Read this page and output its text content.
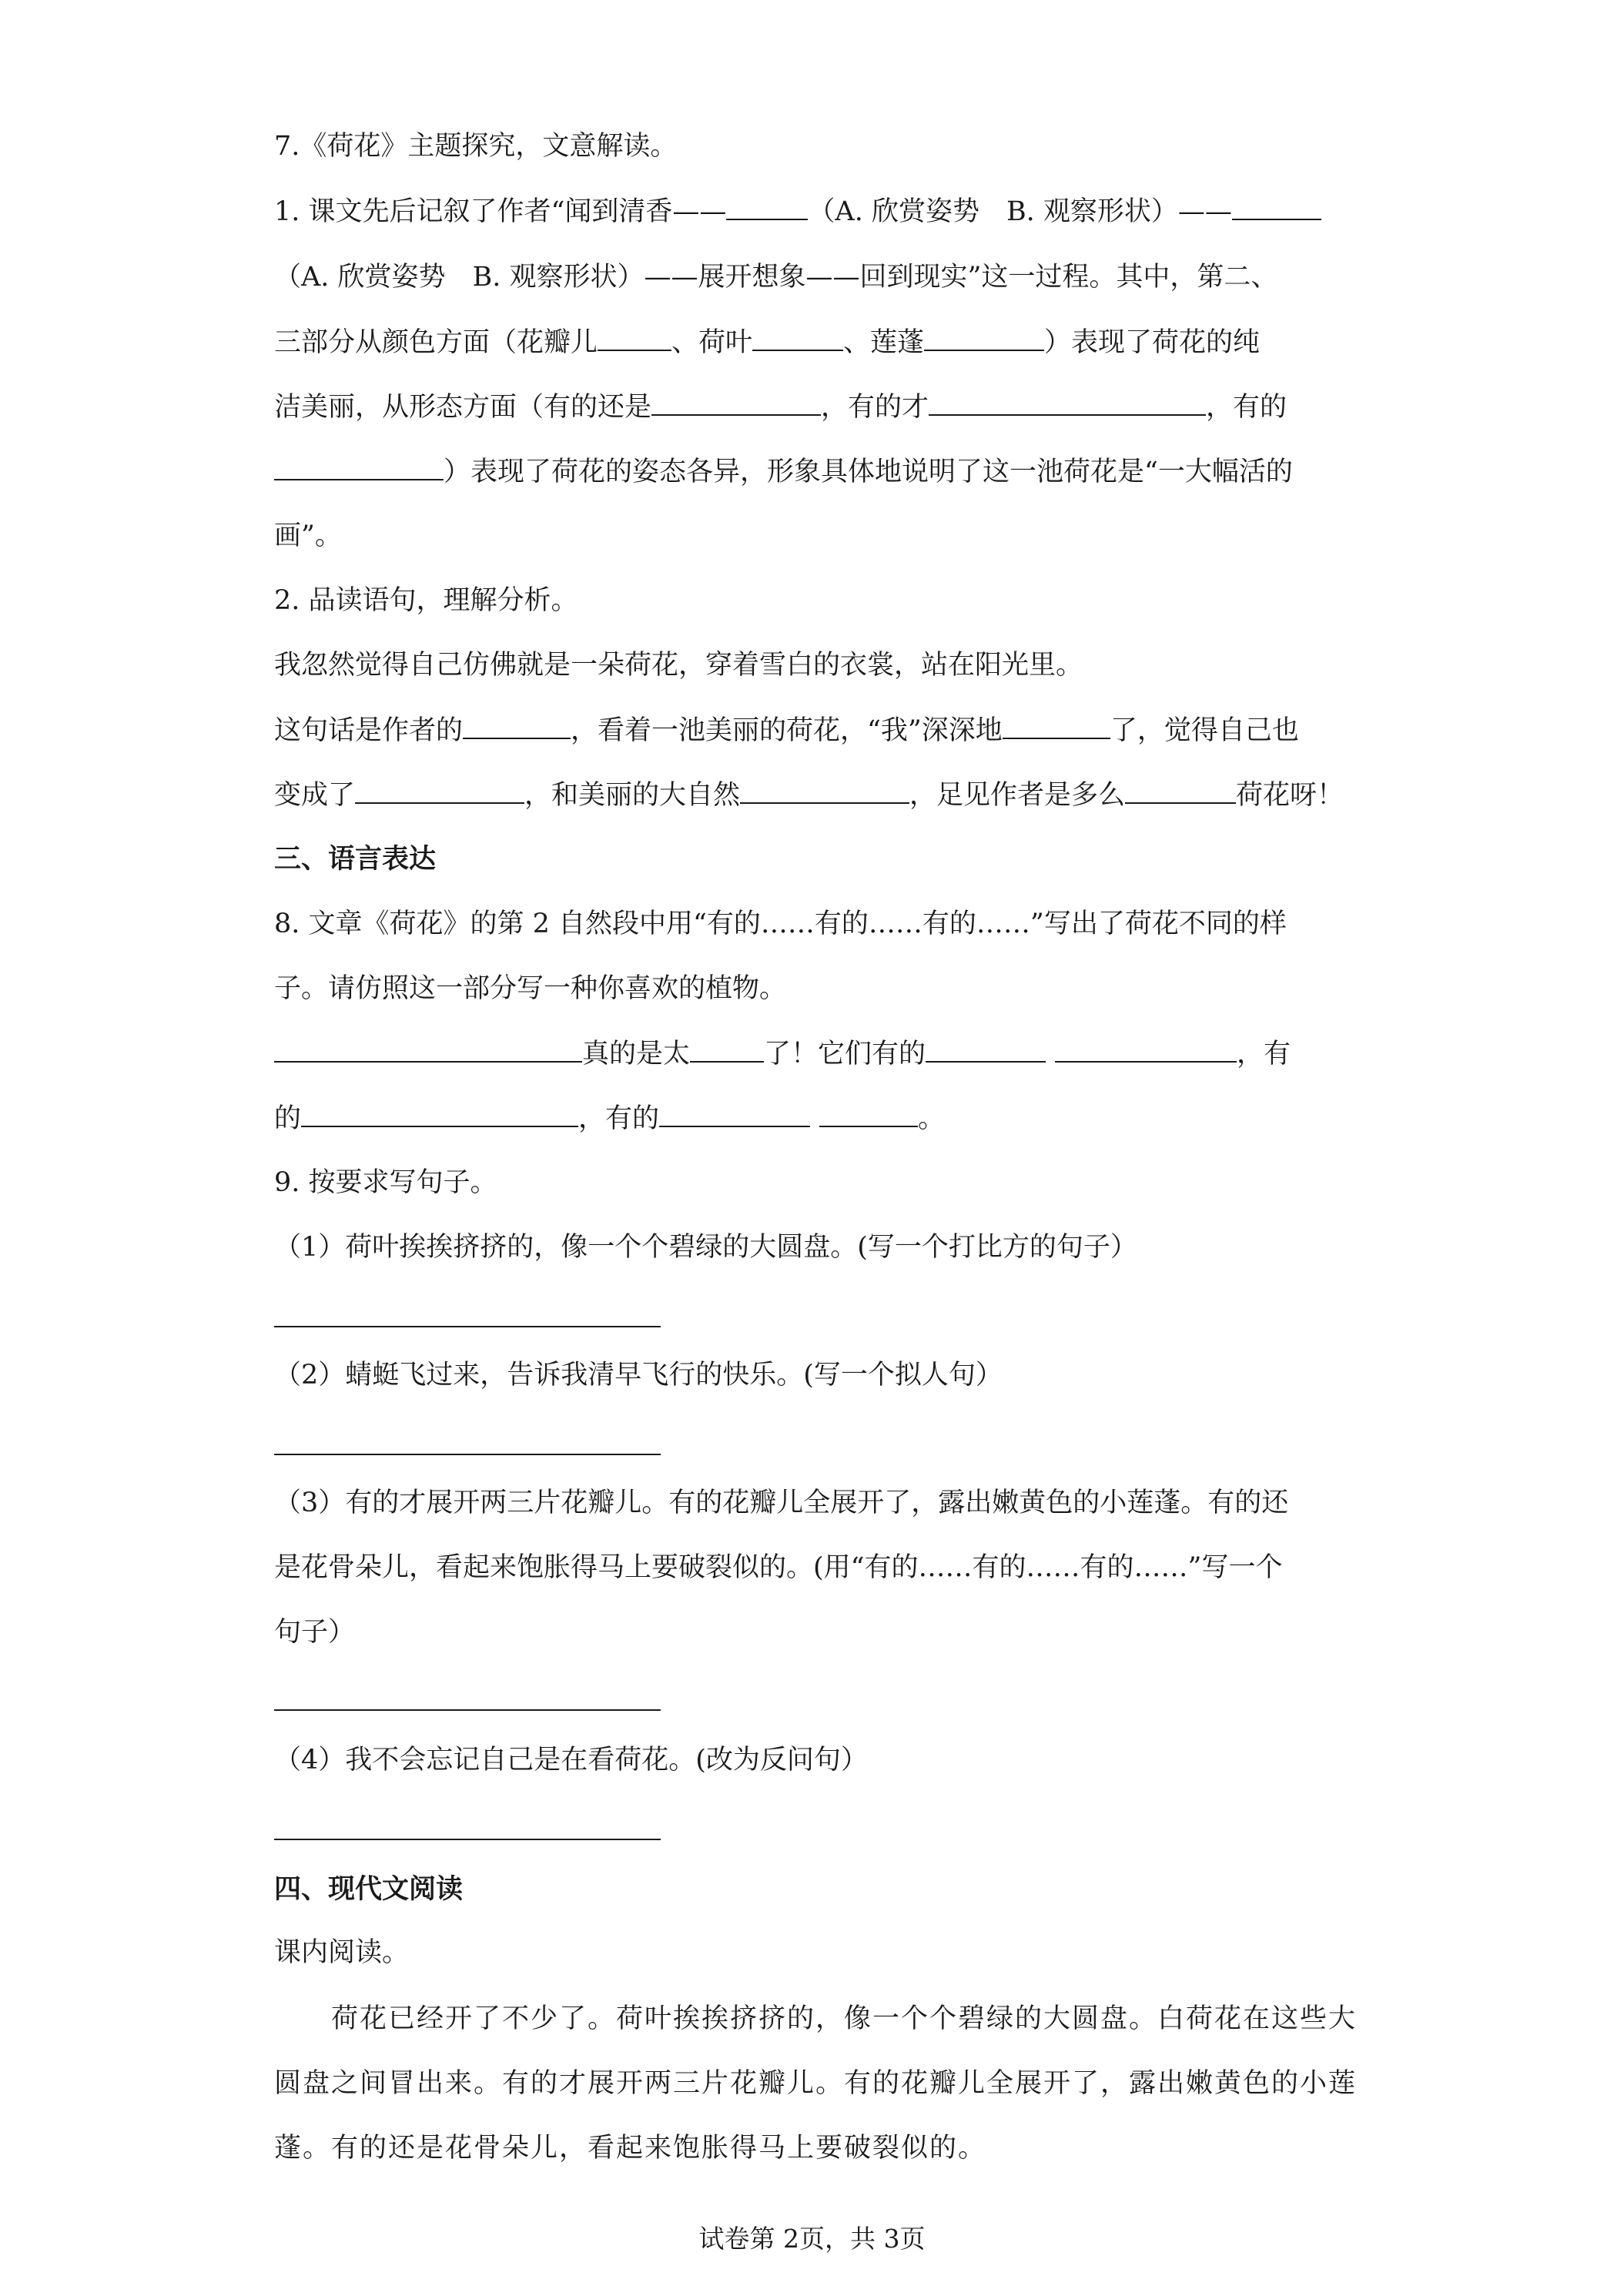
7.《荷花》主题探究，文意解读。
1. 课文先后记叙了作者“闻到清香——	（A. 欣赏姿势　B. 观察形状）——
（A. 欣赏姿势　B. 观察形状）——展开想象——回到现实”这一过程。其中，第二、
三部分从颜色方面（花瓣儿	、荷叶	、莲蓬	）表现了荷花的纯
洁美丽，从形态方面（有的还是	，有的才	，有的
）表现了荷花的姿态各异，形象具体地说明了这一池荷花是“一大幅活的
画”。
2. 品读语句，理解分析。
我忽然觉得自己仿佛就是一朵荷花，穿着雪白的衣裳，站在阳光里。
这句话是作者的	，看着一池美丽的荷花，“我”深深地	了，觉得自己也
变成了	，和美丽的大自然	，足见作者是多么	荷花呀！
三、语言表达
8. 文章《荷花》的第 2 自然段中用“有的……有的……有的……”写出了荷花不同的样
子。请仿照这一部分写一种你喜欢的植物。
真的是太	了！它们有的	，有
的	，有的	。
9. 按要求写句子。
（1）荷叶挨挨挤挤的，像一个个碧绿的大圆盘。(写一个打比方的句子）
（2）蜻蜓飞过来，告诉我清早飞行的快乐。(写一个拟人句）
（3）有的才展开两三片花瓣儿。有的花瓣儿全展开了，露出嫩黄色的小莲蓬。有的还
是花骨朵儿，看起来饱胀得马上要破裂似的。(用“有的……有的……有的……”写一个
句子）
（4）我不会忘记自己是在看荷花。(改为反问句）
四、现代文阅读
课内阅读。
荷花已经开了不少了。荷叶挨挨挤挤的，像一个个碧绿的大圆盘。白荷花在这些大
圆盘之间冒出来。有的才展开两三片花瓣儿。有的花瓣儿全展开了，露出嫩黄色的小莲
蓬。有的还是花骨朵儿，看起来饱胀得马上要破裂似的。
试卷第 2页，共 3页
